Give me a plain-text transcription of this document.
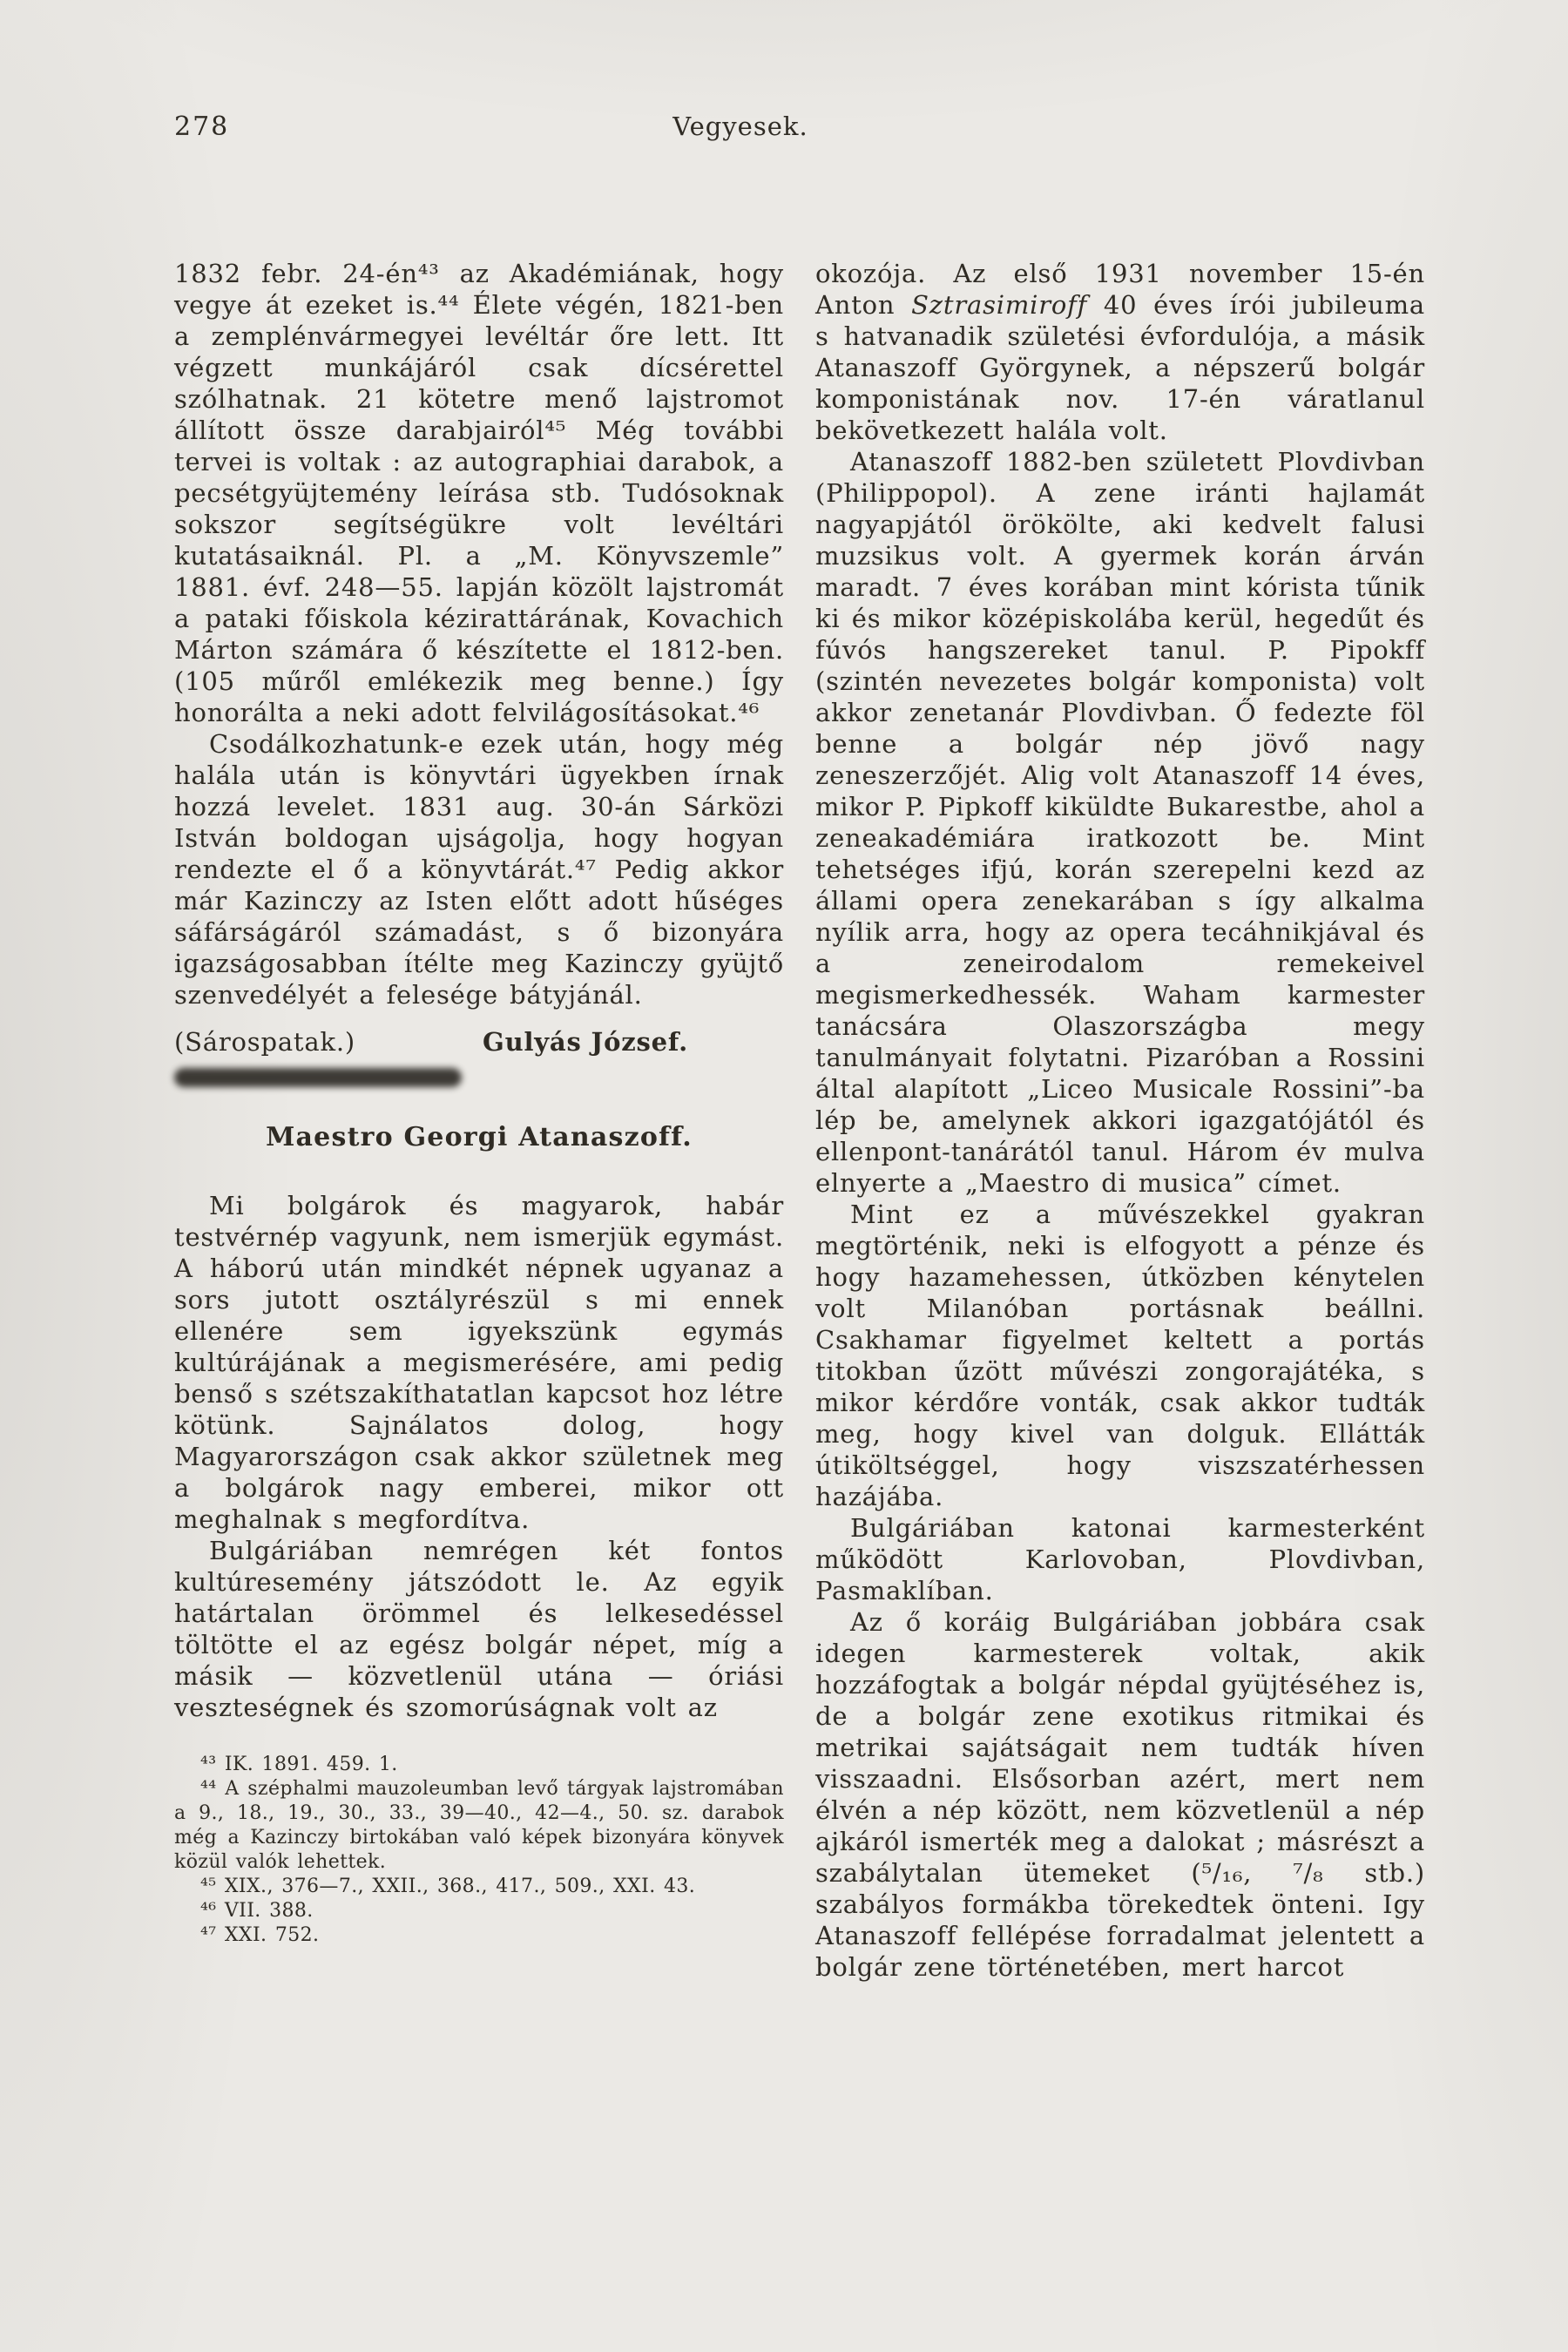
278	Vegyesek.

1832 febr. 24-én⁴³ az Akadémiának, hogy vegye át ezeket is.⁴⁴ Élete végén, 1821-ben a zemplénvármegyei levéltár őre lett. Itt végzett munkájáról csak dícsérettel szólhatnak. 21 kötetre menő lajstromot állított össze darabjairól⁴⁵ Még további tervei is voltak : az autographiai darabok, a pecsétgyüjtemény leírása stb. Tudósoknak sokszor segítségükre volt levéltári kutatásaiknál. Pl. a „M. Könyvszemle” 1881. évf. 248—55. lapján közölt lajstromát a pataki főiskola kézirattárának, Kovachich Márton számára ő készítette el 1812-ben. (105 műről emlékezik meg benne.) Így honorálta a neki adott felvilágosításokat.⁴⁶

Csodálkozhatunk-e ezek után, hogy még halála után is könyvtári ügyekben írnak hozzá levelet. 1831 aug. 30-án Sárközi István boldogan ujságolja, hogy hogyan rendezte el ő a könyvtárát.⁴⁷ Pedig akkor már Kazinczy az Isten előtt adott hűséges sáfárságáról számadást, s ő bizonyára igazságosabban ítélte meg Kazinczy gyüjtő szenvedélyét a felesége bátyjánál.

(Sárospatak.)	Gulyás József.
Maestro Georgi Atanaszoff.

Mi bolgárok és magyarok, habár testvérnép vagyunk, nem ismerjük egymást. A háború után mindkét népnek ugyanaz a sors jutott osztályrészül s mi ennek ellenére sem igyekszünk egymás kultúrájának a megismerésére, ami pedig benső s szétszakíthatatlan kapcsot hoz létre kötünk. Sajnálatos dolog, hogy Magyarországon csak akkor születnek meg a bolgárok nagy emberei, mikor ott meghalnak s megfordítva.

Bulgáriában nemrégen két fontos kultúresemény játszódott le. Az egyik határtalan örömmel és lelkesedéssel töltötte el az egész bolgár népet, míg a másik — közvetlenül utána — óriási veszteségnek és szomorúságnak volt az

⁴³ IK. 1891. 459. 1.

⁴⁴ A széphalmi mauzoleumban levő tárgyak lajstromában a 9., 18., 19., 30., 33., 39—40., 42—4., 50. sz. darabok még a Kazinczy birtokában való képek bizonyára könyvek közül valók lehettek.

⁴⁵ XIX., 376—7., XXII., 368., 417., 509., XXI. 43.

⁴⁶ VII. 388.

⁴⁷ XXI. 752.

okozója. Az első 1931 november 15-én Anton Sztrasimiroff 40 éves írói jubileuma s hatvanadik születési évfordulója, a másik Atanaszoff Györgynek, a népszerű bolgár komponistának nov. 17-én váratlanul bekövetkezett halála volt.

Atanaszoff 1882-ben született Plovdivban (Philippopol). A zene iránti hajlamát nagyapjától örökölte, aki kedvelt falusi muzsikus volt. A gyermek korán árván maradt. 7 éves korában mint kórista tűnik ki és mikor középiskolába kerül, hegedűt és fúvós hangszereket tanul. P. Pipokff (szintén nevezetes bolgár komponista) volt akkor zenetanár Plovdivban. Ő fedezte föl benne a bolgár nép jövő nagy zeneszerzőjét. Alig volt Atanaszoff 14 éves, mikor P. Pipkoff kiküldte Bukarestbe, ahol a zeneakadémiára iratkozott be. Mint tehetséges ifjú, korán szerepelni kezd az állami opera zenekarában s így alkalma nyílik arra, hogy az opera tecáhnikjával és a zeneirodalom remekeivel megismerkedhessék. Waham karmester tanácsára Olaszországba megy tanulmányait folytatni. Pizaróban a Rossini által alapított „Liceo Musicale Rossini”-ba lép be, amelynek akkori igazgatójától és ellenpont-tanárától tanul. Három év mulva elnyerte a „Maestro di musica” címet.

Mint ez a művészekkel gyakran megtörténik, neki is elfogyott a pénze és hogy hazamehessen, útközben kénytelen volt Milanóban portásnak beállni. Csakhamar figyelmet keltett a portás titokban űzött művészi zongorajátéka, s mikor kérdőre vonták, csak akkor tudták meg, hogy kivel van dolguk. Ellátták útiköltséggel, hogy viszszatérhessen hazájába.

Bulgáriában katonai karmesterként működött Karlovoban, Plovdivban, Pasmaklíban.

Az ő koráig Bulgáriában jobbára csak idegen karmesterek voltak, akik hozzáfogtak a bolgár népdal gyüjtéséhez is, de a bolgár zene exotikus ritmikai és metrikai sajátságait nem tudták híven visszaadni. Elsősorban azért, mert nem élvén a nép között, nem közvetlenül a nép ajkáról ismerték meg a dalokat ; másrészt a szabálytalan ütemeket (⁵/₁₆, ⁷/₈ stb.) szabályos formákba törekedtek önteni. Igy Atanaszoff fellépése forradalmat jelentett a bolgár zene történetében, mert harcot
